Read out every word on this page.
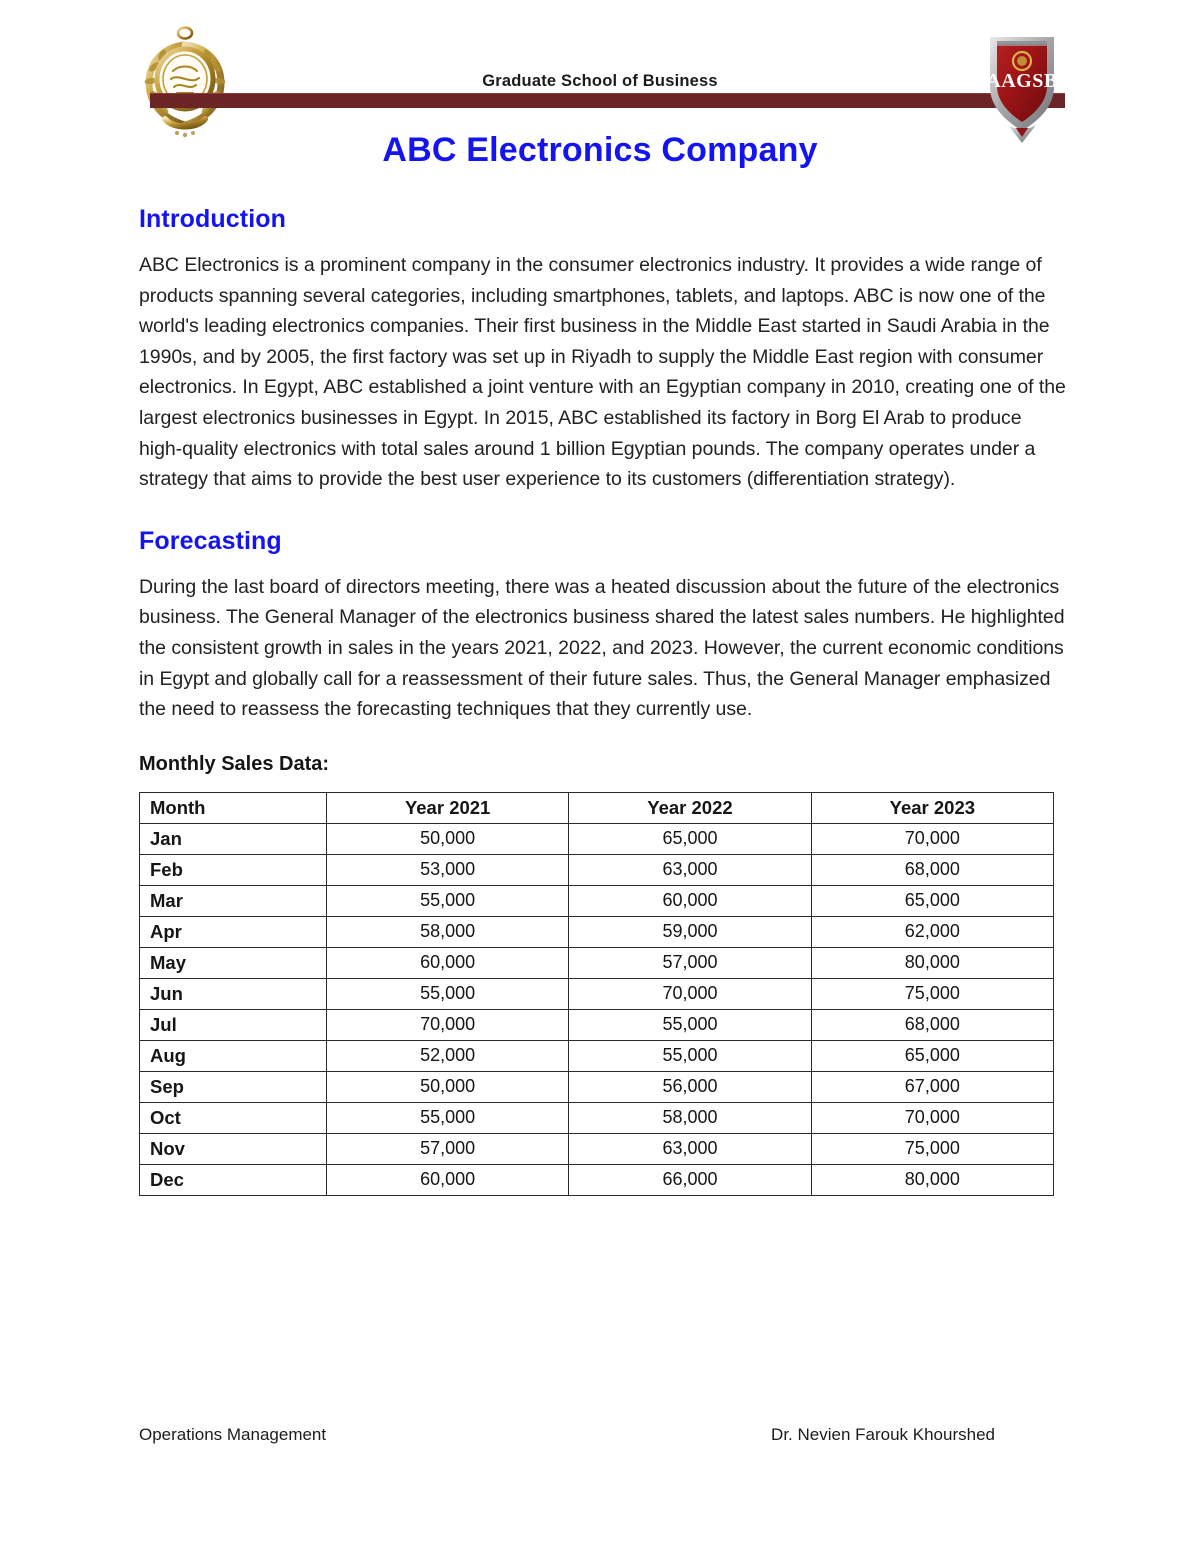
Graduate School of Business	AAGSB
ABC Electronics Company
Introduction

ABC Electronics is a prominent company in the consumer electronics industry. It provides a wide range of products spanning several categories, including smartphones, tablets, and laptops. ABC is now one of the world's leading electronics companies. Their first business in the Middle East started in Saudi Arabia in the 1990s, and by 2005, the first factory was set up in Riyadh to supply the Middle East region with consumer electronics. In Egypt, ABC established a joint venture with an Egyptian company in 2010, creating one of the largest electronics businesses in Egypt. In 2015, ABC established its factory in Borg El Arab to produce high-quality electronics with total sales around 1 billion Egyptian pounds. The company operates under a strategy that aims to provide the best user experience to its customers (differentiation strategy).

Forecasting

During the last board of directors meeting, there was a heated discussion about the future of the electronics business. The General Manager of the electronics business shared the latest sales numbers. He highlighted the consistent growth in sales in the years 2021, 2022, and 2023. However, the current economic conditions in Egypt and globally call for a reassessment of their future sales. Thus, the General Manager emphasized the need to reassess the forecasting techniques that they currently use.

Monthly Sales Data:
Month	Year 2021	Year 2022	Year 2023
Jan	50,000	65,000	70,000
Feb	53,000	63,000	68,000
Mar	55,000	60,000	65,000
Apr	58,000	59,000	62,000
May	60,000	57,000	80,000
Jun	55,000	70,000	75,000
Jul	70,000	55,000	68,000
Aug	52,000	55,000	65,000
Sep	50,000	56,000	67,000
Oct	55,000	58,000	70,000
Nov	57,000	63,000	75,000
Dec	60,000	66,000	80,000
Operations Management	Dr. Nevien Farouk Khourshed
